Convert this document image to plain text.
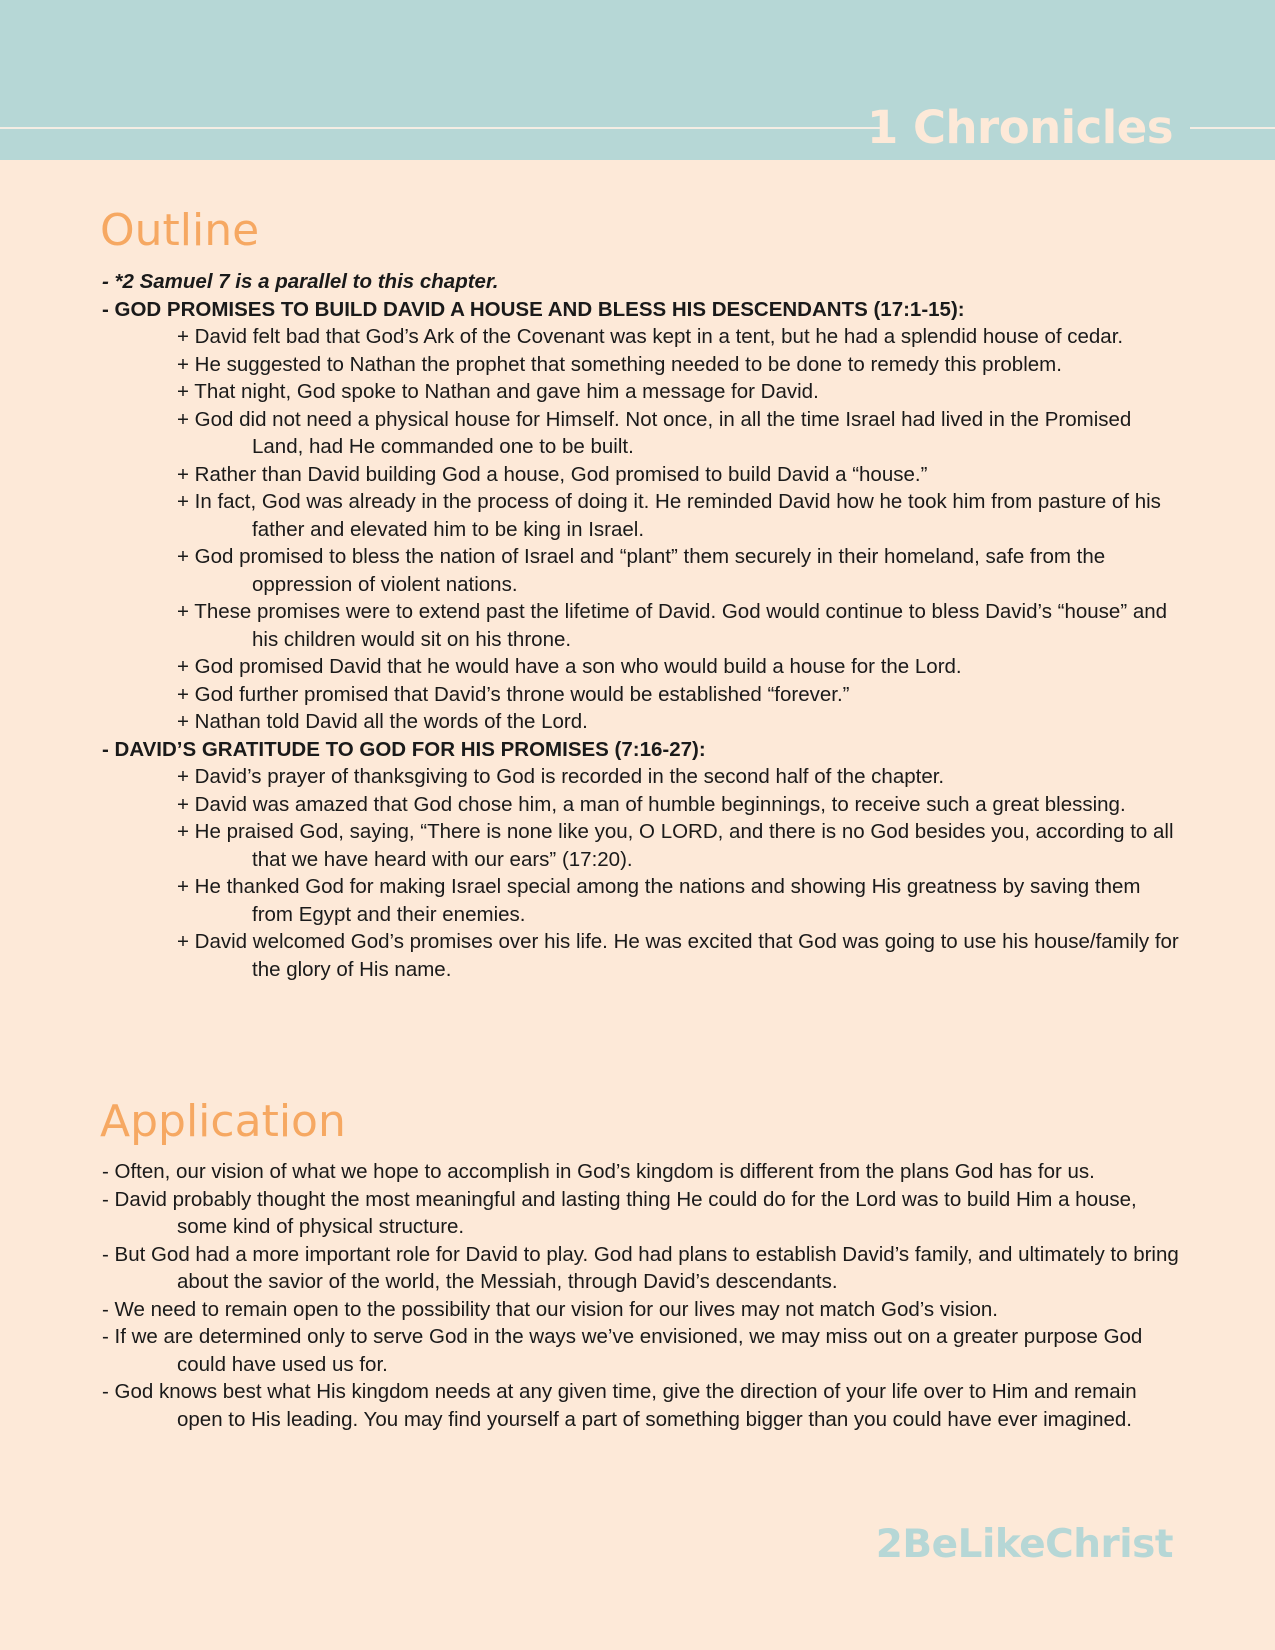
1 Chronicles
Outline
- *2 Samuel 7 is a parallel to this chapter.
- GOD PROMISES TO BUILD DAVID A HOUSE AND BLESS HIS DESCENDANTS (17:1-15):
+ David felt bad that God’s Ark of the Covenant was kept in a tent, but he had a splendid house of cedar.
+ He suggested to Nathan the prophet that something needed to be done to remedy this problem.
+ That night, God spoke to Nathan and gave him a message for David.
+ God did not need a physical house for Himself. Not once, in all the time Israel had lived in the Promised Land, had He commanded one to be built.
+ Rather than David building God a house, God promised to build David a “house.”
+ In fact, God was already in the process of doing it. He reminded David how he took him from pasture of his father and elevated him to be king in Israel.
+ God promised to bless the nation of Israel and “plant” them securely in their homeland, safe from the oppression of violent nations.
+ These promises were to extend past the lifetime of David. God would continue to bless David’s “house” and his children would sit on his throne.
+ God promised David that he would have a son who would build a house for the Lord.
+ God further promised that David’s throne would be established “forever.”
+ Nathan told David all the words of the Lord.
- DAVID’S GRATITUDE TO GOD FOR HIS PROMISES (7:16-27):
+ David’s prayer of thanksgiving to God is recorded in the second half of the chapter.
+ David was amazed that God chose him, a man of humble beginnings, to receive such a great blessing.
+ He praised God, saying, “There is none like you, O LORD, and there is no God besides you, according to all that we have heard with our ears” (17:20).
+ He thanked God for making Israel special among the nations and showing His greatness by saving them from Egypt and their enemies.
+ David welcomed God’s promises over his life. He was excited that God was going to use his house/family for the glory of His name.
Application
- Often, our vision of what we hope to accomplish in God’s kingdom is different from the plans God has for us.
- David probably thought the most meaningful and lasting thing He could do for the Lord was to build Him a house, some kind of physical structure.
- But God had a more important role for David to play. God had plans to establish David’s family, and ultimately to bring about the savior of the world, the Messiah, through David’s descendants.
- We need to remain open to the possibility that our vision for our lives may not match God’s vision.
- If we are determined only to serve God in the ways we’ve envisioned, we may miss out on a greater purpose God could have used us for.
- God knows best what His kingdom needs at any given time, give the direction of your life over to Him and remain open to His leading. You may find yourself a part of something bigger than you could have ever imagined.
2BeLikeChrist
